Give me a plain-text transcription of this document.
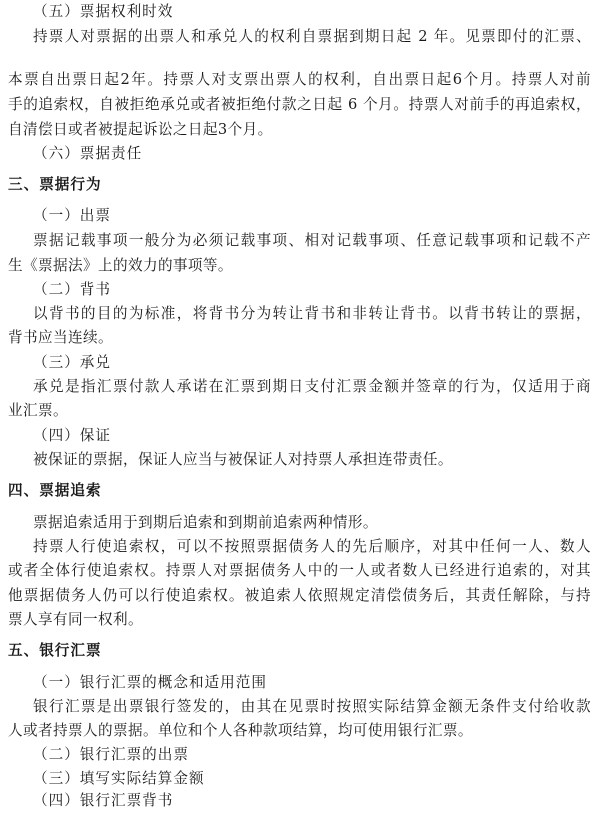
（五）票据权利时效
持票人对票据的出票人和承兑人的权利自票据到期日起 2 年。见票即付的汇票、
本票自出票日起2年。持票人对支票出票人的权利，自出票日起6个月。持票人对前
手的追索权，自被拒绝承兑或者被拒绝付款之日起 6 个月。持票人对前手的再追索权，
自清偿日或者被提起诉讼之日起3个月。
（六）票据责任
三、票据行为
（一）出票
票据记载事项一般分为必须记载事项、相对记载事项、任意记载事项和记载不产
生《票据法》上的效力的事项等。
（二）背书
以背书的目的为标准，将背书分为转让背书和非转让背书。以背书转让的票据，
背书应当连续。
（三）承兑
承兑是指汇票付款人承诺在汇票到期日支付汇票金额并签章的行为，仅适用于商
业汇票。
（四）保证
被保证的票据，保证人应当与被保证人对持票人承担连带责任。
四、票据追索
票据追索适用于到期后追索和到期前追索两种情形。
持票人行使追索权，可以不按照票据债务人的先后顺序，对其中任何一人、数人
或者全体行使追索权。持票人对票据债务人中的一人或者数人已经进行追索的，对其
他票据债务人仍可以行使追索权。被追索人依照规定清偿债务后，其责任解除，与持
票人享有同一权利。
五、银行汇票
（一）银行汇票的概念和适用范围
银行汇票是出票银行签发的，由其在见票时按照实际结算金额无条件支付给收款
人或者持票人的票据。单位和个人各种款项结算，均可使用银行汇票。
（二）银行汇票的出票
（三）填写实际结算金额
（四）银行汇票背书
